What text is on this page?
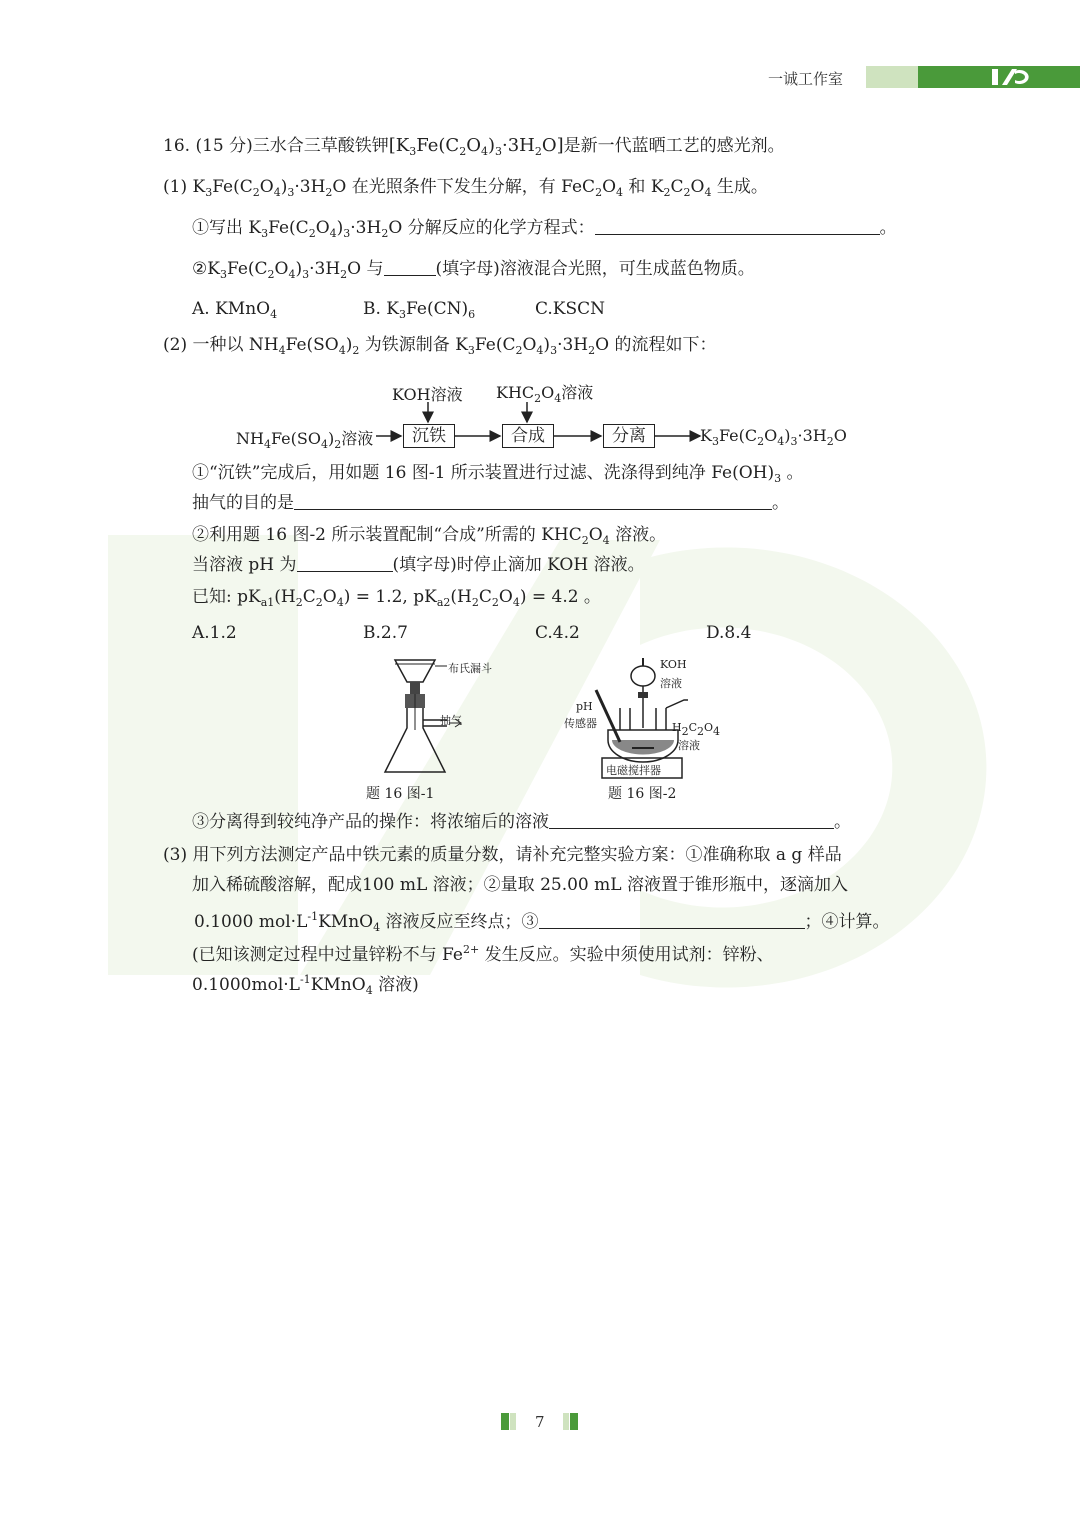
一诚工作室
16. (15 分)三水合三草酸铁钾$[K_3Fe(C_2O_4)_3\cdot 3H_2O]$是新一代蓝晒工艺的感光剂。
(1) $K_3Fe(C_2O_4)_3\cdot 3H_2O$ 在光照条件下发生分解，有 $FeC_2O_4$ 和 $K_2C_2O_4$ 生成。
①写出 $K_3Fe(C_2O_4)_3\cdot 3H_2O$ 分解反应的化学方程式：	。
$②K_3Fe(C_2O_4)_3\cdot 3H_2O$ 与	(填字母)溶液混合光照，可生成蓝色物质。
A. KMnO$_4$	B. $K_3Fe(CN)_6$	C.KSCN
(2) 一种以 $NH_4Fe(SO_4)_2$ 为铁源制备 $K_3Fe(C_2O_4)_3\cdot 3H_2O$ 的流程如下：
KOH溶液 $KHC_2O_4$溶液
$NH_4Fe(SO_4)_2$溶液	沉铁	合成	分离	$K_3Fe(C_2O_4)_3\cdot 3H_2O$
①“沉铁”完成后，用如题 16 图-1 所示装置进行过滤、洗涤得到纯净 $Fe(OH)_3$ 。
抽气的目的是	。
②利用题 16 图-2 所示装置配制“合成”所需的 $KHC_2O_4$ 溶液。
当溶液 pH 为	(填字母)时停止滴加 KOH 溶液。
已知: $pK_{a1}(H_2C_2O_4) = 1.2$, $pK_{a2}(H_2C_2O_4) = 4.2$ 。
A.1.2	B.2.7	C.4.2	D.8.4
布氏漏斗
抽气
题 16 图-1
KOH
溶液
pH
传感器	$H_2C_2O_4$
溶液
电磁搅拌器
题 16 图-2
③分离得到较纯净产品的操作：将浓缩后的溶液	。
(3) 用下列方法测定产品中铁元素的质量分数，请补充完整实验方案：①准确称取 a g 样品
加入稀硫酸溶解，配成100 mL 溶液；②量取 25.00 mL 溶液置于锥形瓶中，逐滴加入
0.1000 $mol\cdot L^{-1}KMnO_4$ 溶液反应至终点；③	；④计算。
(已知该测定过程中过量锌粉不与 $Fe^{2+}$ 发生反应。实验中须使用试剂：锌粉、
$0.1000mol\cdot L^{-1}KMnO_4$ 溶液)
7
